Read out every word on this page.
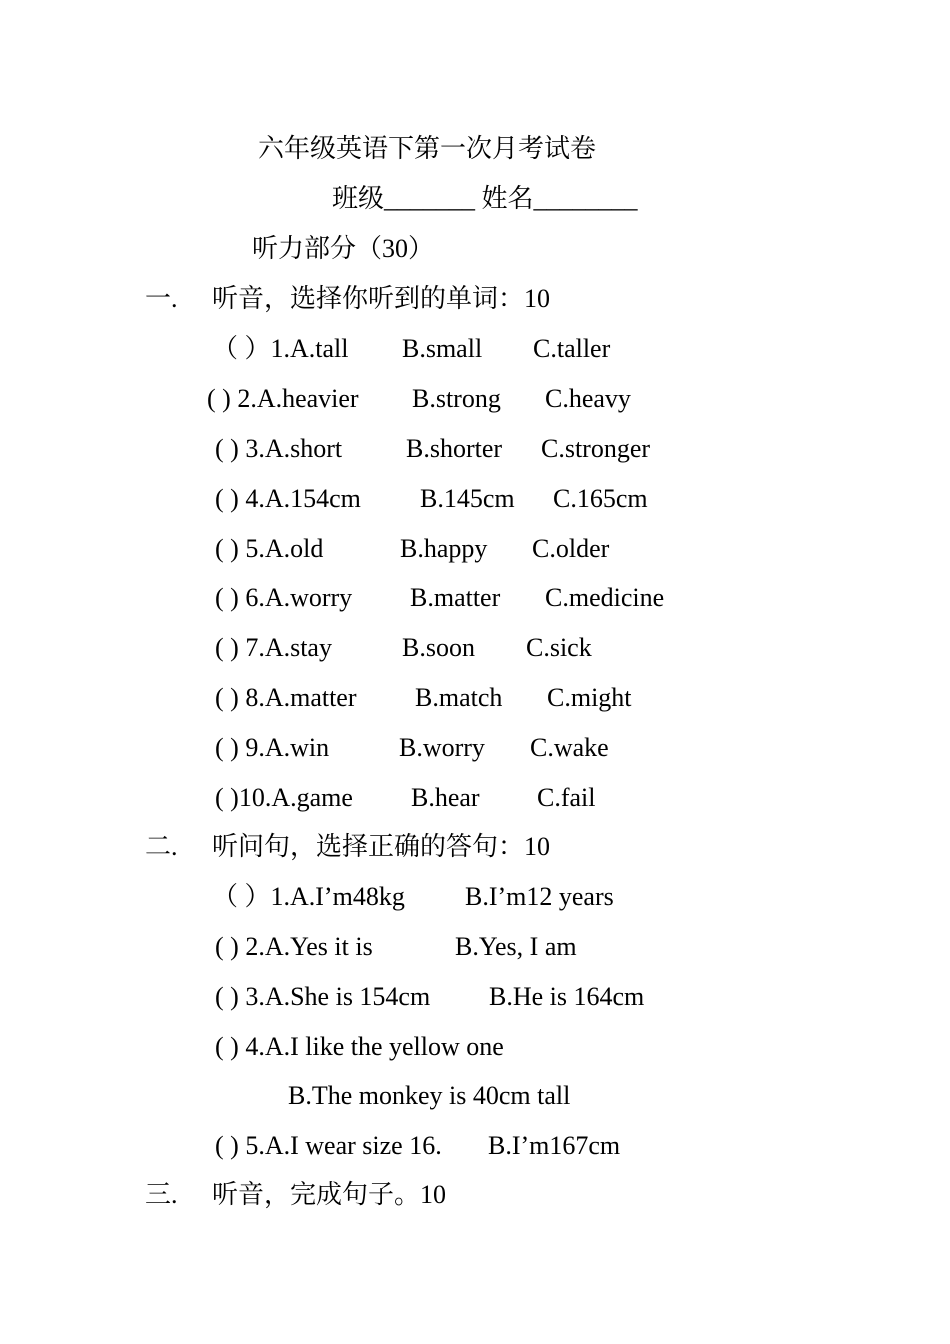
六年级英语下第一次月考试卷
班级_______ 姓名________
听力部分（30）
一. 听音，选择你听到的单词：10
（ ）1.A.tall B.small C.taller
( ) 2.A.heavier B.strong C.heavy
( ) 3.A.short B.shorter C.stronger
( ) 4.A.154cm B.145cm C.165cm
( ) 5.A.old	B.happy C.older
( ) 6.A.worry B.matter C.medicine
( ) 7.A.stay	B.soon C.sick
( ) 8.A.matter B.match C.might
( ) 9.A.win	B.worry C.wake
( )10.A.game B.hear C.fail
二. 听问句，选择正确的答句：10
（ ）1.A.I’m48kg B.I’m12 years
( ) 2.A.Yes it is	B.Yes, I am
( ) 3.A.She is 154cm B.He is 164cm
( ) 4.A.I like the yellow one
B.The monkey is 40cm tall
( ) 5.A.I wear size 16. B.I’m167cm
三. 听音，完成句子。10
